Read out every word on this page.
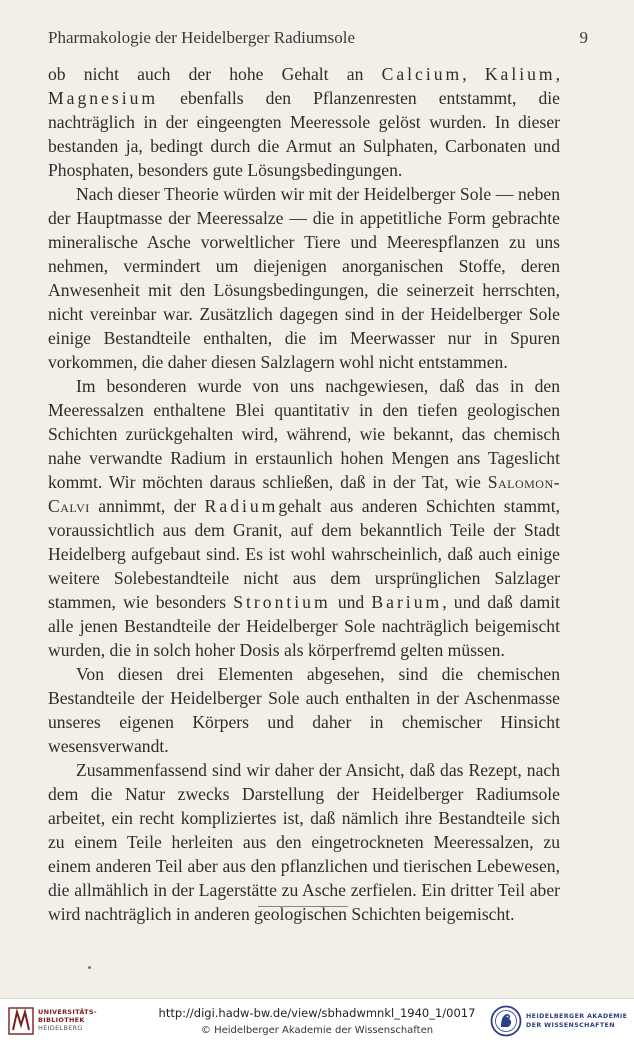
Pharmakologie der Heidelberger Radiumsole	9

ob nicht auch der hohe Gehalt an Calcium, Kalium, Magnesium ebenfalls den Pflanzenresten entstammt, die nachträglich in der eingeengten Meeressole gelöst wurden. In dieser bestanden ja, bedingt durch die Armut an Sulphaten, Carbonaten und Phosphaten, besonders gute Lösungsbedingungen.

Nach dieser Theorie würden wir mit der Heidelberger Sole — neben der Hauptmasse der Meeressalze — die in appetitliche Form gebrachte mineralische Asche vorweltlicher Tiere und Meerespflanzen zu uns nehmen, vermindert um diejenigen anorganischen Stoffe, deren Anwesenheit mit den Lösungsbedingungen, die seinerzeit herrschten, nicht vereinbar war. Zusätzlich dagegen sind in der Heidelberger Sole einige Bestandteile enthalten, die im Meerwasser nur in Spuren vorkommen, die daher diesen Salzlagern wohl nicht entstammen.

Im besonderen wurde von uns nachgewiesen, daß das in den Meeressalzen enthaltene Blei quantitativ in den tiefen geologischen Schichten zurückgehalten wird, während, wie bekannt, das chemisch nahe verwandte Radium in erstaunlich hohen Mengen ans Tageslicht kommt. Wir möchten daraus schließen, daß in der Tat, wie Salomon-Calvi annimmt, der Radiumgehalt aus anderen Schichten stammt, voraussichtlich aus dem Granit, auf dem bekanntlich Teile der Stadt Heidelberg aufgebaut sind. Es ist wohl wahrscheinlich, daß auch einige weitere Solebestandteile nicht aus dem ursprünglichen Salzlager stammen, wie besonders Strontium und Barium, und daß damit alle jenen Bestandteile der Heidelberger Sole nachträglich beigemischt wurden, die in solch hoher Dosis als körperfremd gelten müssen.

Von diesen drei Elementen abgesehen, sind die chemischen Bestandteile der Heidelberger Sole auch enthalten in der Aschenmasse unseres eigenen Körpers und daher in chemischer Hinsicht wesensverwandt.

Zusammenfassend sind wir daher der Ansicht, daß das Rezept, nach dem die Natur zwecks Darstellung der Heidelberger Radiumsole arbeitet, ein recht kompliziertes ist, daß nämlich ihre Bestandteile sich zu einem Teile herleiten aus den eingetrockneten Meeressalzen, zu einem anderen Teil aber aus den pflanzlichen und tierischen Lebewesen, die allmählich in der Lagerstätte zu Asche zerfielen. Ein dritter Teil aber wird nachträglich in anderen geologischen Schichten beigemischt.

UNIVERSITÄTS-
BIBLIOTHEK
HEIDELBERG
http://digi.hadw-bw.de/view/sbhadwmnkl_1940_1/0017
© Heidelberger Akademie der Wissenschaften
HEIDELBERGER AKADEMIE
DER WISSENSCHAFTEN
